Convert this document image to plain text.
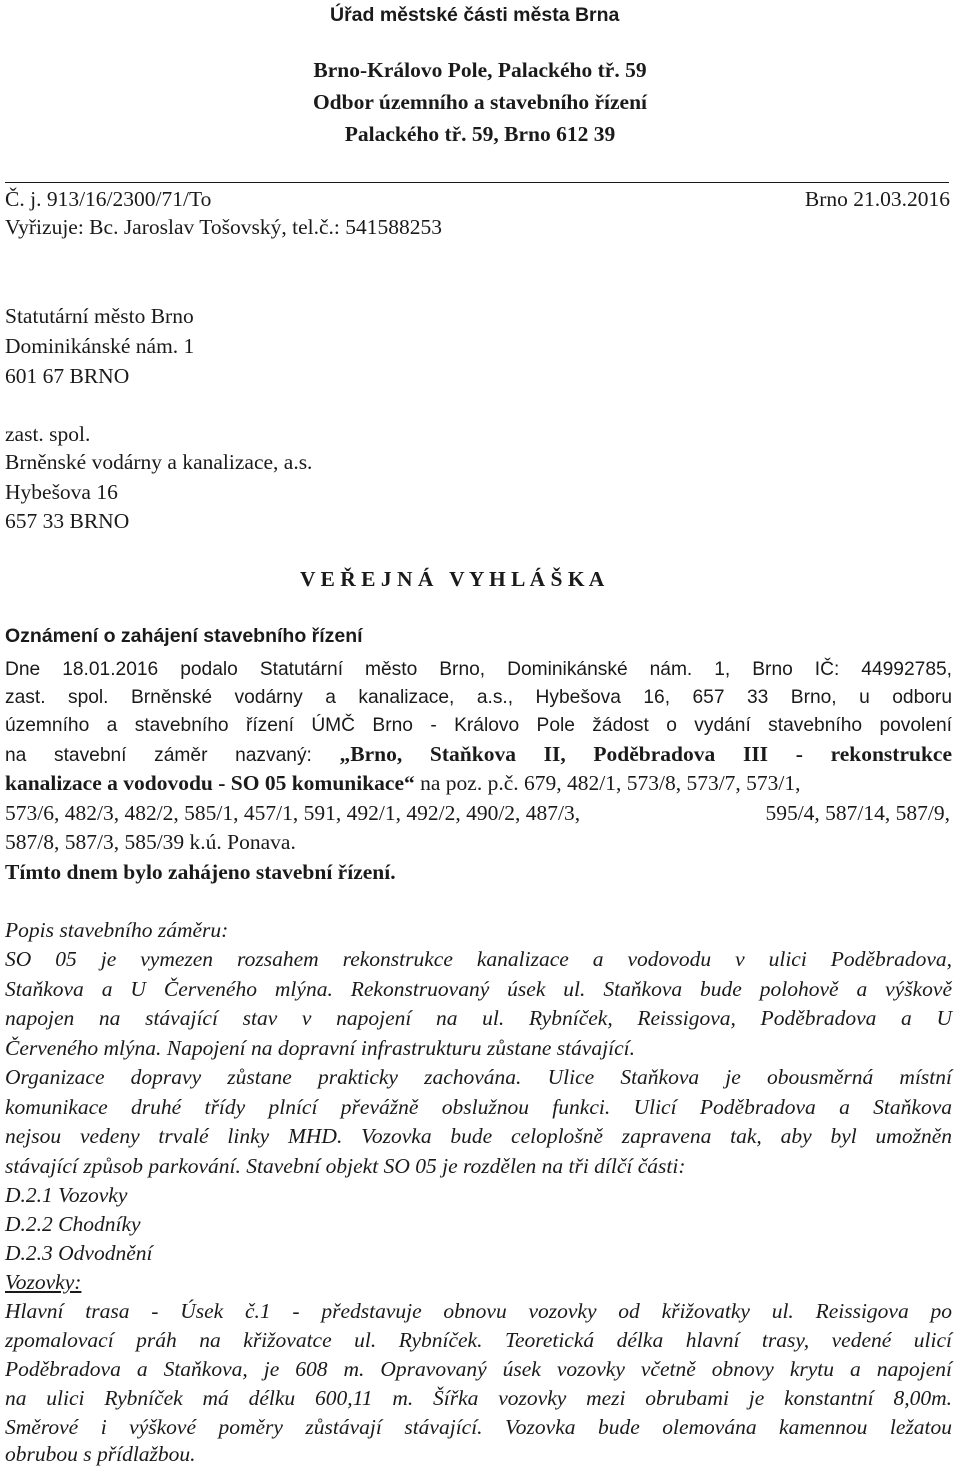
Úřad městské části města Brna
Brno-Královo Pole, Palackého tř. 59
Odbor územního a stavebního řízení
Palackého tř. 59, Brno 612 39
Č. j. 913/16/2300/71/To	Brno 21.03.2016
Vyřizuje: Bc. Jaroslav Tošovský, tel.č.: 541588253
Statutární město Brno
Dominikánské nám. 1
601 67 BRNO
zast. spol.
Brněnské vodárny a kanalizace, a.s.
Hybešova 16
657 33 BRNO
V E Ř E J N Á   V Y H L Á Š K A
Oznámení o zahájení stavebního řízení
Dne 18.01.2016 podalo Statutární město Brno, Dominikánské nám. 1, Brno IČ: 44992785,
zast. spol. Brněnské vodárny a kanalizace, a.s., Hybešova 16, 657 33 Brno, u odboru
územního a stavebního řízení ÚMČ Brno - Královo Pole žádost o vydání stavebního povolení
na stavební záměr nazvaný: „Brno, Staňkova II, Poděbradova III - rekonstrukce
kanalizace a vodovodu - SO 05 komunikace“ na poz. p.č. 679, 482/1, 573/8, 573/7, 573/1,
573/6, 482/3, 482/2, 585/1, 457/1, 591, 492/1, 492/2, 490/2, 487/3,	595/4, 587/14, 587/9,
587/8, 587/3, 585/39 k.ú. Ponava.
Tímto dnem bylo zahájeno stavební řízení.
Popis stavebního záměru:
SO 05 je vymezen rozsahem rekonstrukce kanalizace a vodovodu v ulici Poděbradova,
Staňkova a U Červeného mlýna. Rekonstruovaný úsek ul. Staňkova bude polohově a výškově
napojen na stávající stav v napojení na ul. Rybníček, Reissigova, Poděbradova a U
Červeného mlýna. Napojení na dopravní infrastrukturu zůstane stávající.
Organizace dopravy zůstane prakticky zachována. Ulice Staňkova je obousměrná místní
komunikace druhé třídy plnící převážně obslužnou funkci. Ulicí Poděbradova a Staňkova
nejsou vedeny trvalé linky MHD. Vozovka bude celoplošně zapravena tak, aby byl umožněn
stávající způsob parkování. Stavební objekt SO 05 je rozdělen na tři dílčí části:
D.2.1 Vozovky
D.2.2 Chodníky
D.2.3 Odvodnění
Vozovky:
Hlavní trasa - Úsek č.1 - představuje obnovu vozovky od křižovatky ul. Reissigova po
zpomalovací práh na křižovatce ul. Rybníček. Teoretická délka hlavní trasy, vedené ulicí
Poděbradova a Staňkova, je 608 m. Opravovaný úsek vozovky včetně obnovy krytu a napojení
na ulici Rybníček má délku 600,11 m. Šířka vozovky mezi obrubami je konstantní 8,00m.
Směrové i výškové poměry zůstávají stávající. Vozovka bude olemována kamennou ležatou
obrubou s přídlažbou.
